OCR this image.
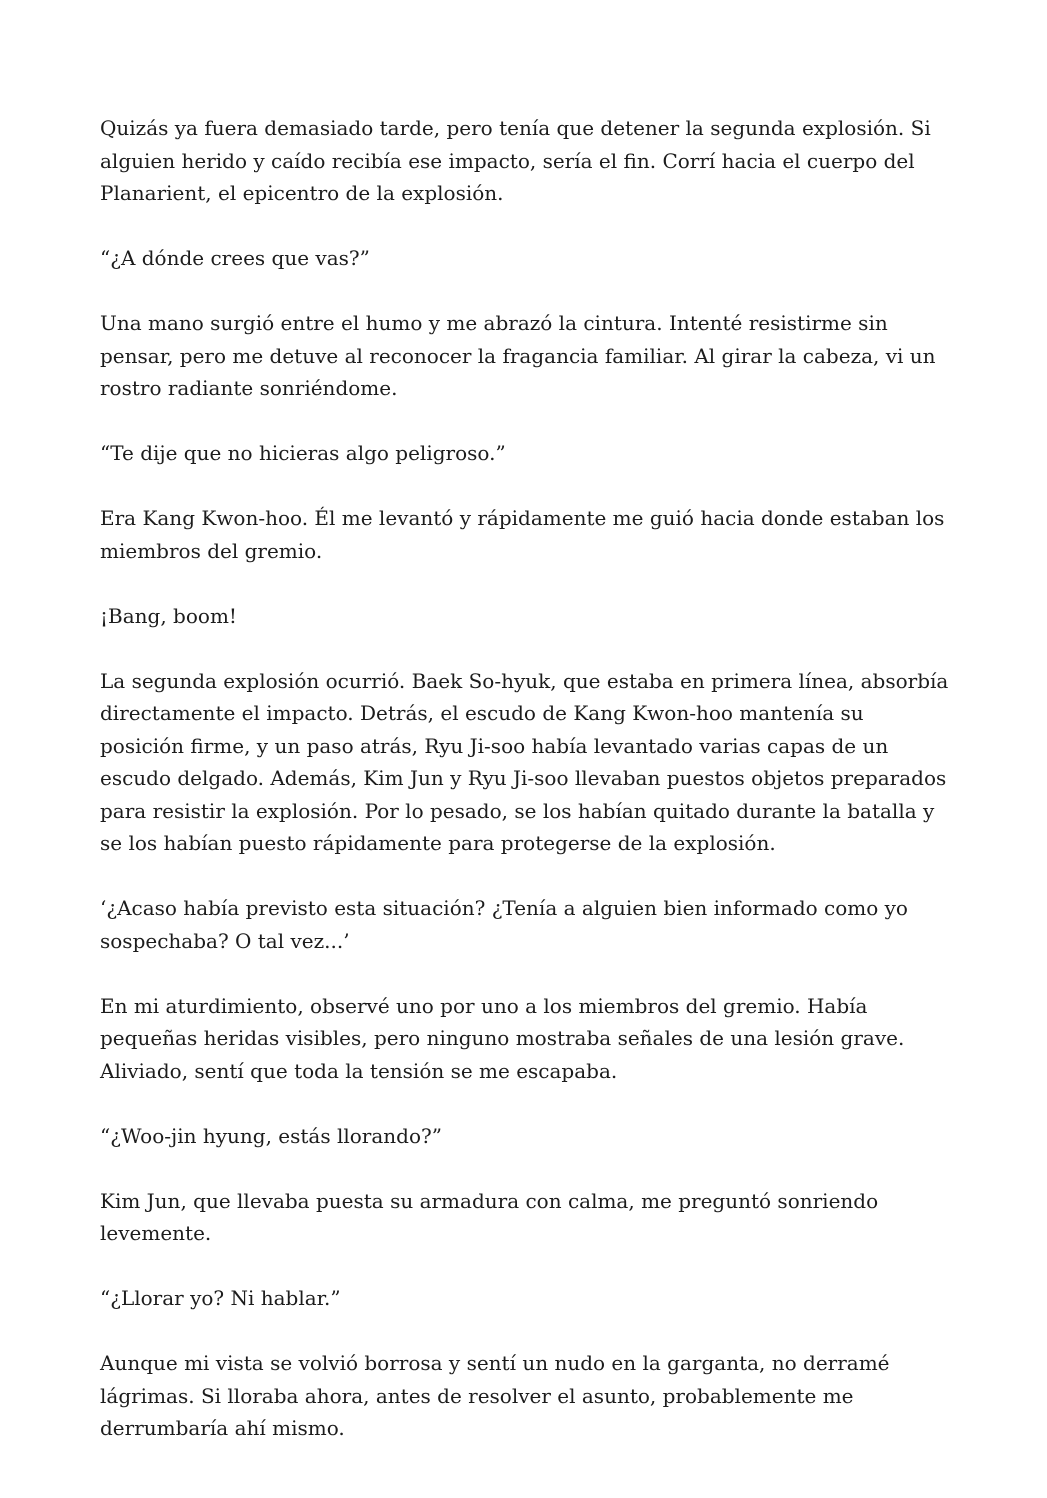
Quizás ya fuera demasiado tarde, pero tenía que detener la segunda explosión. Si alguien herido y caído recibía ese impacto, sería el fin. Corrí hacia el cuerpo del Planarient, el epicentro de la explosión.

“¿A dónde crees que vas?”

Una mano surgió entre el humo y me abrazó la cintura. Intenté resistirme sin pensar, pero me detuve al reconocer la fragancia familiar. Al girar la cabeza, vi un rostro radiante sonriéndome.

“Te dije que no hicieras algo peligroso.”

Era Kang Kwon-hoo. Él me levantó y rápidamente me guió hacia donde estaban los miembros del gremio.

¡Bang, boom!

La segunda explosión ocurrió. Baek So-hyuk, que estaba en primera línea, absorbía directamente el impacto. Detrás, el escudo de Kang Kwon-hoo mantenía su posición firme, y un paso atrás, Ryu Ji-soo había levantado varias capas de un escudo delgado. Además, Kim Jun y Ryu Ji-soo llevaban puestos objetos preparados para resistir la explosión. Por lo pesado, se los habían quitado durante la batalla y se los habían puesto rápidamente para protegerse de la explosión.

‘¿Acaso había previsto esta situación? ¿Tenía a alguien bien informado como yo sospechaba? O tal vez...’

En mi aturdimiento, observé uno por uno a los miembros del gremio. Había pequeñas heridas visibles, pero ninguno mostraba señales de una lesión grave. Aliviado, sentí que toda la tensión se me escapaba.

“¿Woo-jin hyung, estás llorando?”

Kim Jun, que llevaba puesta su armadura con calma, me preguntó sonriendo levemente.

“¿Llorar yo? Ni hablar.”

Aunque mi vista se volvió borrosa y sentí un nudo en la garganta, no derramé lágrimas. Si lloraba ahora, antes de resolver el asunto, probablemente me derrumbaría ahí mismo.
